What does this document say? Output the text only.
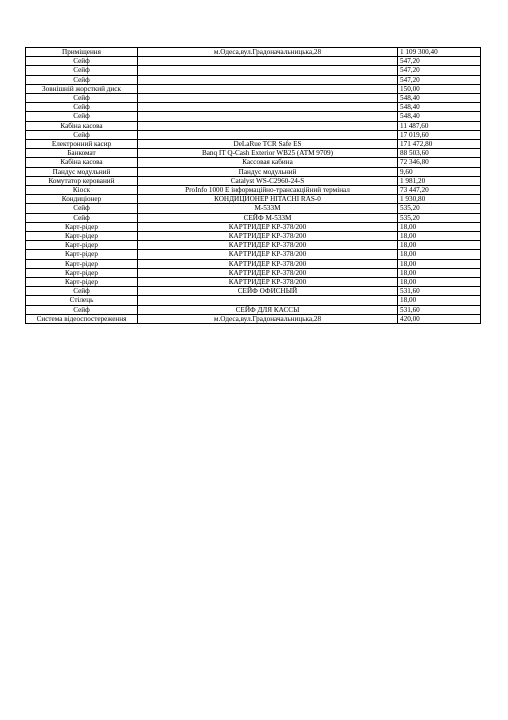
Приміщення	м.Одеса,вул.Градоначальницька,28	1 109 300,40
Сейф		547,20
Сейф		547,20
Сейф		547,20
Зовнішній жорсткий диск		150,00
Сейф		548,40
Сейф		548,40
Сейф		548,40
Кабіна касова		11 487,60
Сейф		17 019,60
Електронний касир	DeLaRue TCR Safe ES	171 472,80
Банкомат	Banq IT Q-Cash Exterior WB25 (ATM 9709)	88 503,60
Кабіна касова	Кассовая кабина	72 346,80
Пандус модульний	Пандус модульний	9,60
Комутатор керований	Catalyst WS-C2960-24-S	1 981,20
Кіоск	ProInfo 1000 E інформаційно-трансакційний термінал	73 447,20
Кондиціонер	КОНДИЦИОНЕР HITACHI RAS-0	1 930,80
Сейф	М-533М	535,20
Сейф	СЕЙФ М-533М	535,20
Карт-рідер	КАРТРИДЕР КР-378/200	18,00
Карт-рідер	КАРТРИДЕР КР-378/200	18,00
Карт-рідер	КАРТРИДЕР КР-378/200	18,00
Карт-рідер	КАРТРИДЕР КР-378/200	18,00
Карт-рідер	КАРТРИДЕР КР-378/200	18,00
Карт-рідер	КАРТРИДЕР КР-378/200	18,00
Карт-рідер	КАРТРИДЕР КР-378/200	18,00
Сейф	СЕЙФ ОФИСНЫЙ	531,60
Стілець		18,00
Сейф	СЕЙФ ДЛЯ КАССЫ	531,60
Система відеоспостереження	м.Одеса,вул.Градоначальницька,28	420,00
